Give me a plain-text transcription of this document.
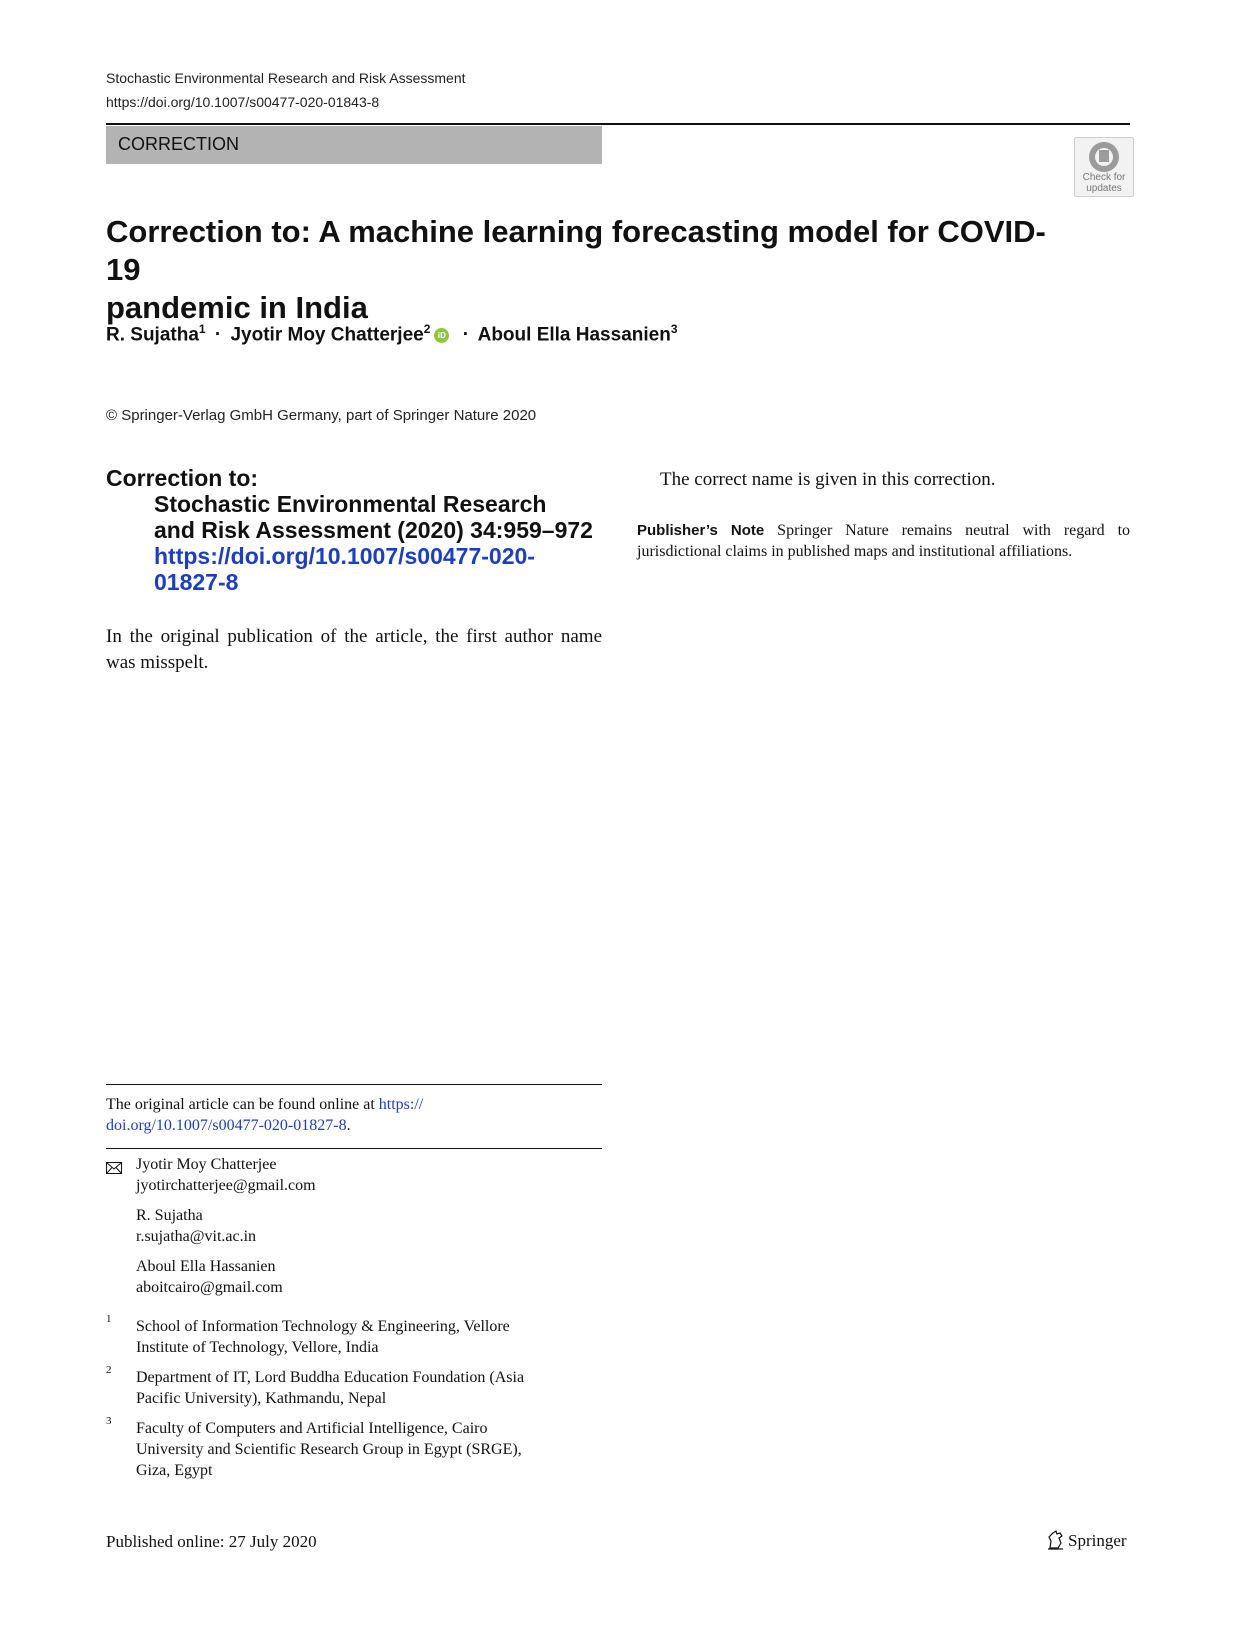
Stochastic Environmental Research and Risk Assessment
https://doi.org/10.1007/s00477-020-01843-8
CORRECTION
Check for
updates
Correction to: A machine learning forecasting model for COVID-19
pandemic in India
R. Sujatha$^1$ · Jyotir Moy Chatterjee$^2$ iD · Aboul Ella Hassanien$^3$
© Springer-Verlag GmbH Germany, part of Springer Nature 2020
Correction to:
Stochastic Environmental Research
and Risk Assessment (2020) 34:959–972
https://doi.org/10.1007/s00477-020-
01827-8
In the original publication of the article, the first author name was misspelt.
The correct name is given in this correction.
Publisher’s Note Springer Nature remains neutral with regard to jurisdictional claims in published maps and institutional affiliations.
The original article can be found online at https://
doi.org/10.1007/s00477-020-01827-8.
Jyotir Moy Chatterjee
jyotirchatterjee@gmail.com
R. Sujatha
r.sujatha@vit.ac.in
Aboul Ella Hassanien
aboitcairo@gmail.com
1 School of Information Technology & Engineering, Vellore
Institute of Technology, Vellore, India
2 Department of IT, Lord Buddha Education Foundation (Asia
Pacific University), Kathmandu, Nepal
3 Faculty of Computers and Artificial Intelligence, Cairo
University and Scientific Research Group in Egypt (SRGE),
Giza, Egypt
Published online: 27 July 2020	Springer
